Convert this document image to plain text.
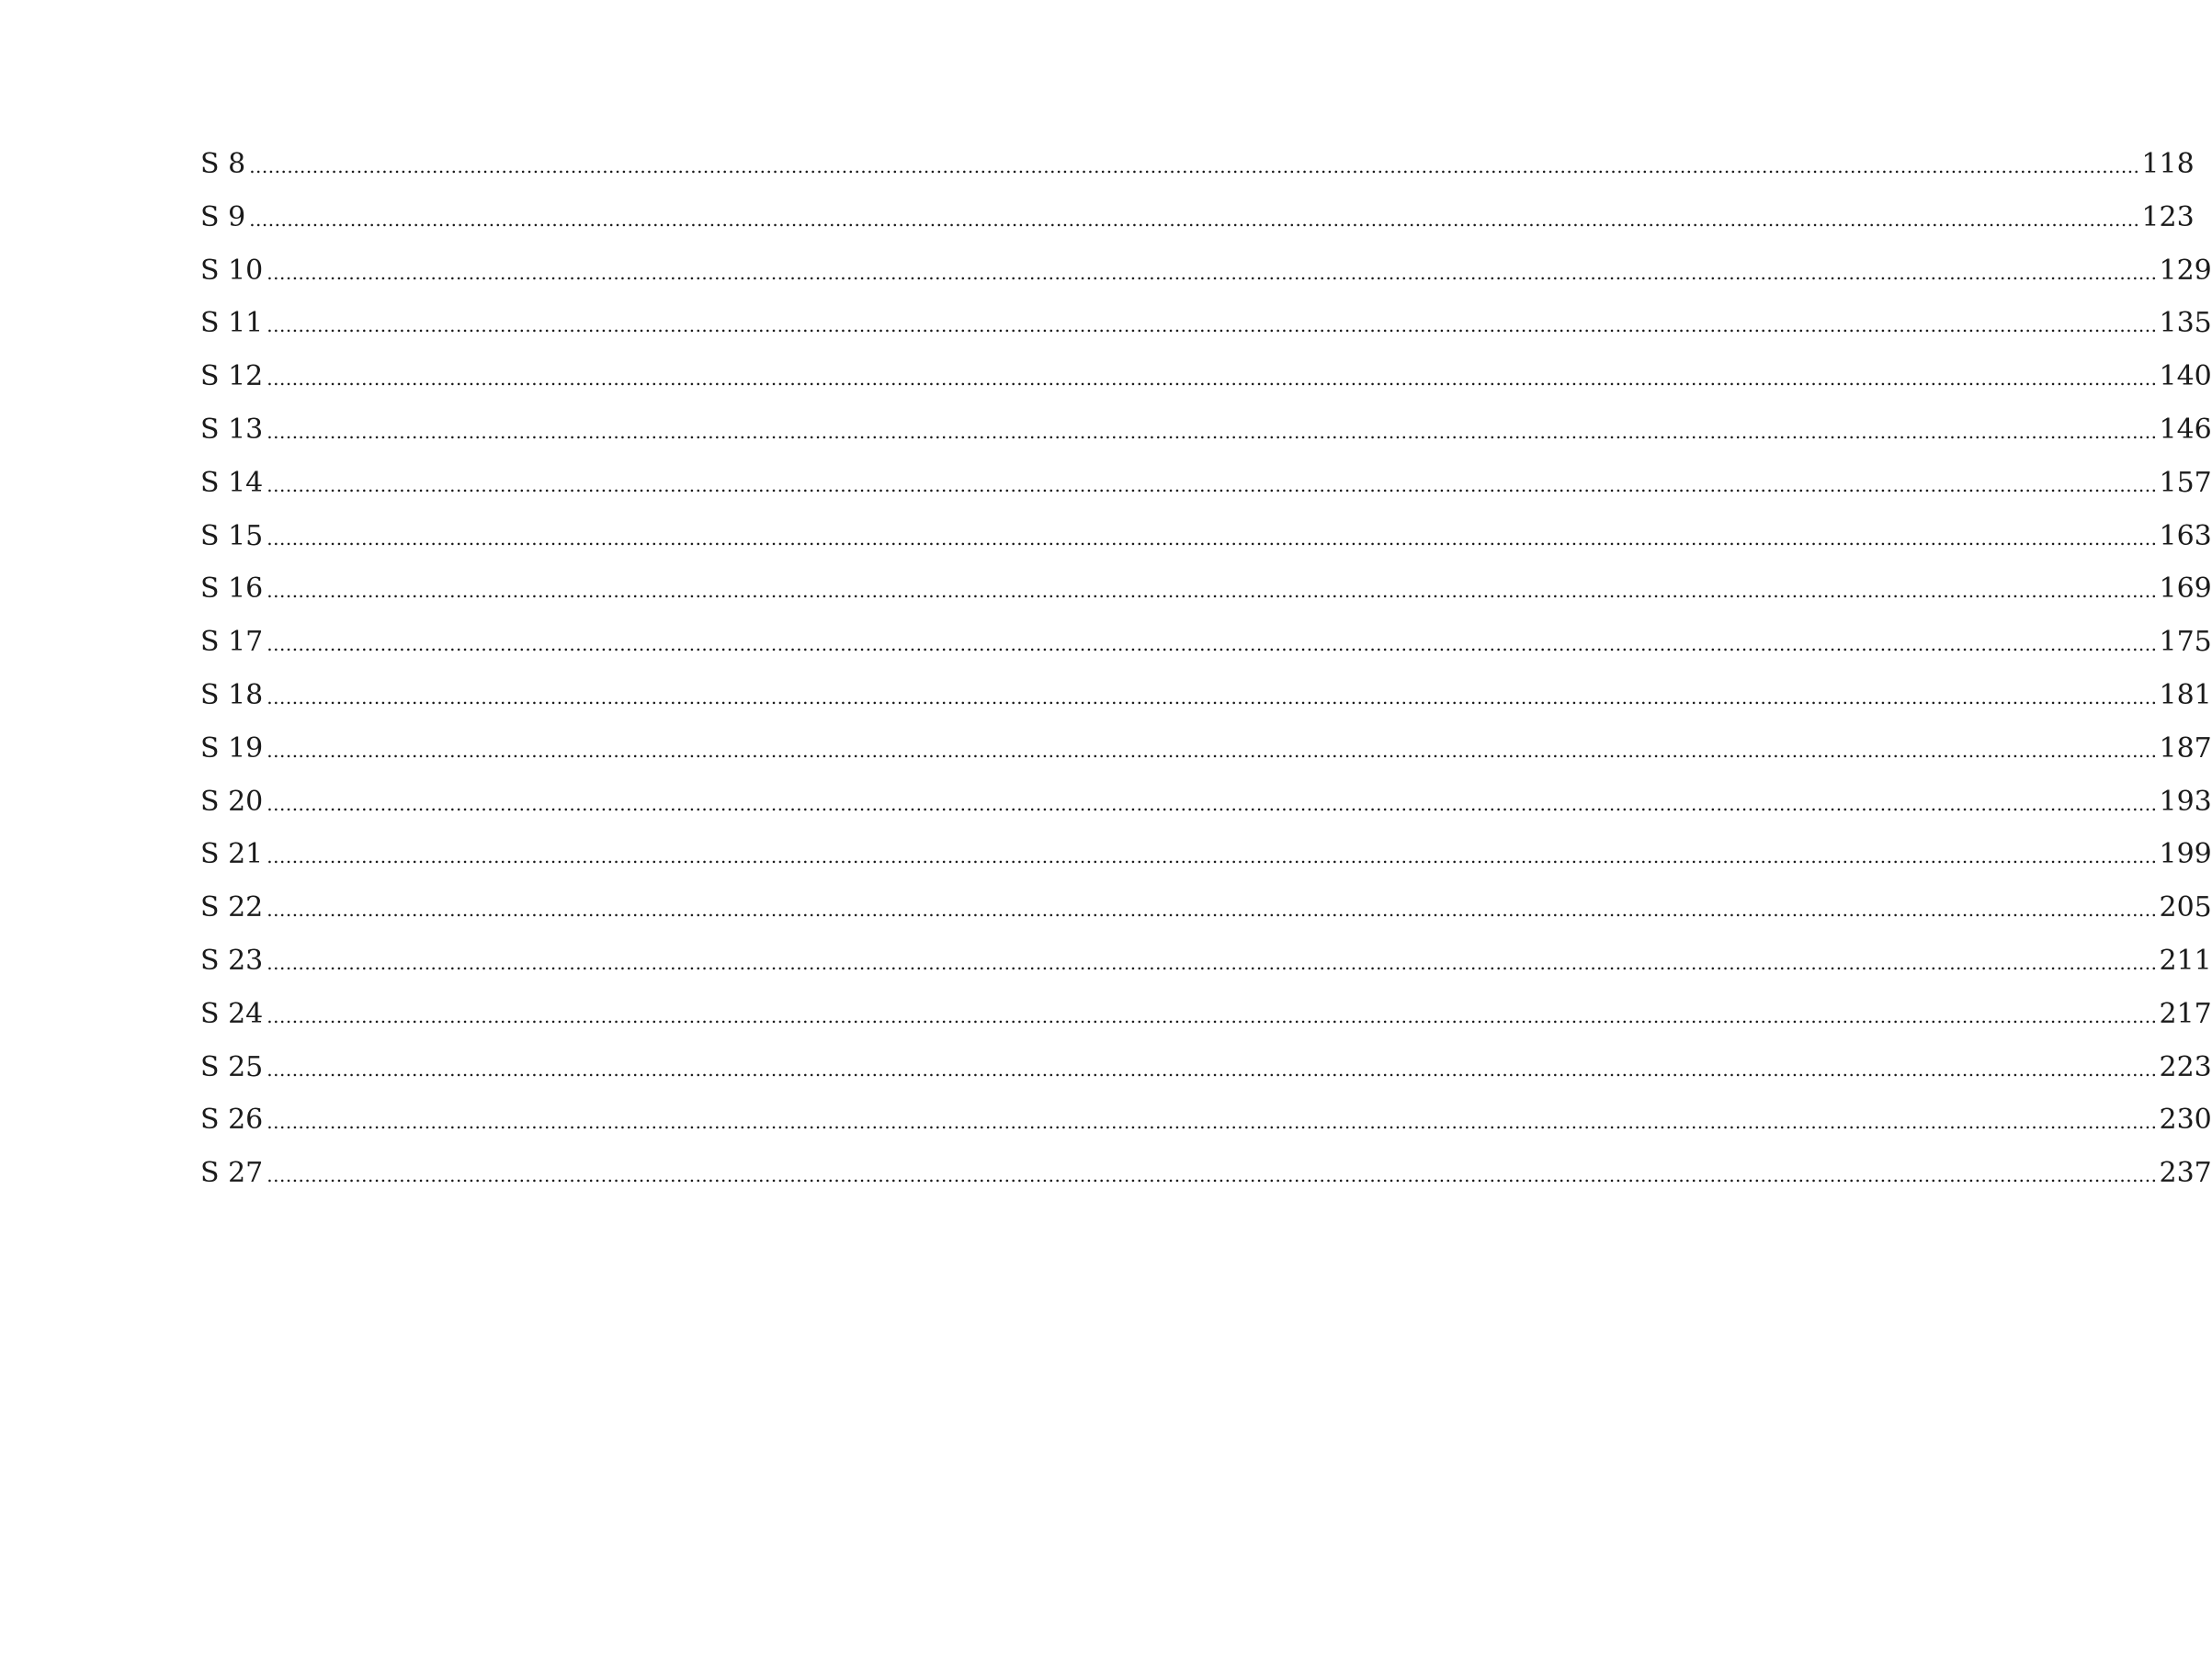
S 8 ............................................................................................................................................................................................................................................................................................................ 118
S 9 ............................................................................................................................................................................................................................................................................................................ 123
S 10 ............................................................................................................................................................................................................................................................................................................ 129
S 11 ............................................................................................................................................................................................................................................................................................................ 135
S 12 ............................................................................................................................................................................................................................................................................................................ 140
S 13 ............................................................................................................................................................................................................................................................................................................ 146
S 14 ............................................................................................................................................................................................................................................................................................................ 157
S 15 ............................................................................................................................................................................................................................................................................................................ 163
S 16 ............................................................................................................................................................................................................................................................................................................ 169
S 17 ............................................................................................................................................................................................................................................................................................................ 175
S 18 ............................................................................................................................................................................................................................................................................................................ 181
S 19 ............................................................................................................................................................................................................................................................................................................ 187
S 20 ............................................................................................................................................................................................................................................................................................................ 193
S 21 ............................................................................................................................................................................................................................................................................................................ 199
S 22 ............................................................................................................................................................................................................................................................................................................ 205
S 23 ............................................................................................................................................................................................................................................................................................................ 211
S 24 ............................................................................................................................................................................................................................................................................................................ 217
S 25 ............................................................................................................................................................................................................................................................................................................ 223
S 26 ............................................................................................................................................................................................................................................................................................................ 230
S 27 ............................................................................................................................................................................................................................................................................................................ 237
